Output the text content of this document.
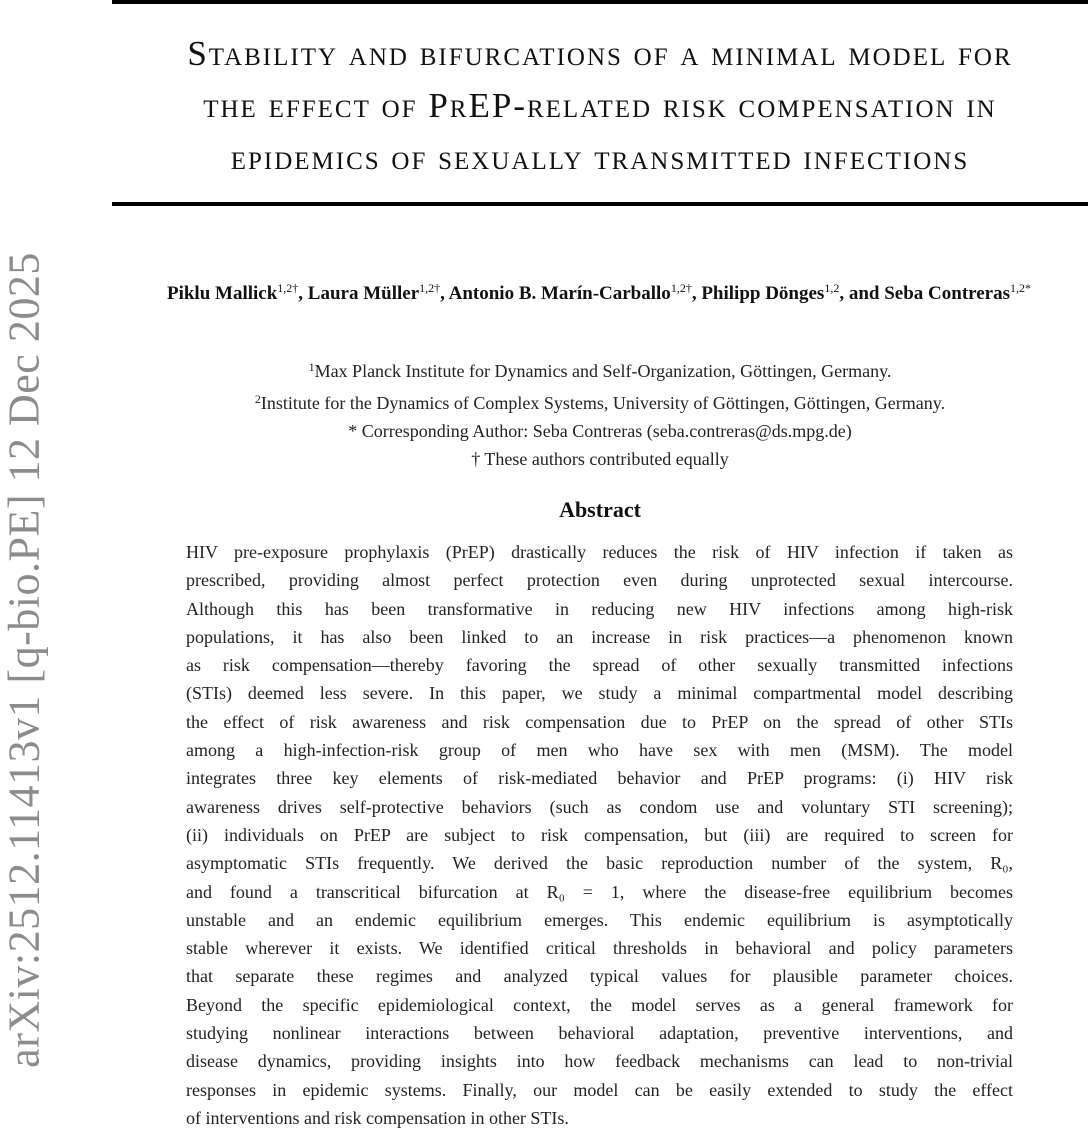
arXiv:2512.11413v1 [q-bio.PE] 12 Dec 2025
Stability and bifurcations of a minimal model for
the effect of PrEP-related risk compensation in
epidemics of sexually transmitted infections
Piklu Mallick$^{1,2\dagger}$, Laura Müller$^{1,2\dagger}$, Antonio B. Marín-Carballo$^{1,2\dagger}$, Philipp Dönges$^{1,2}$, and Seba Contreras$^{1,2*}$
$^1$Max Planck Institute for Dynamics and Self-Organization, Göttingen, Germany.
$^2$Institute for the Dynamics of Complex Systems, University of Göttingen, Göttingen, Germany.
* Corresponding Author: Seba Contreras (seba.contreras@ds.mpg.de)
† These authors contributed equally
Abstract
HIV pre-exposure prophylaxis (PrEP) drastically reduces the risk of HIV infection if taken as
prescribed, providing almost perfect protection even during unprotected sexual intercourse.
Although this has been transformative in reducing new HIV infections among high-risk
populations, it has also been linked to an increase in risk practices—a phenomenon known
as risk compensation—thereby favoring the spread of other sexually transmitted infections
(STIs) deemed less severe. In this paper, we study a minimal compartmental model describing
the effect of risk awareness and risk compensation due to PrEP on the spread of other STIs
among a high-infection-risk group of men who have sex with men (MSM). The model
integrates three key elements of risk-mediated behavior and PrEP programs: (i) HIV risk
awareness drives self-protective behaviors (such as condom use and voluntary STI screening);
(ii) individuals on PrEP are subject to risk compensation, but (iii) are required to screen for
asymptomatic STIs frequently. We derived the basic reproduction number of the system, R₀,
and found a transcritical bifurcation at R₀ = 1, where the disease-free equilibrium becomes
unstable and an endemic equilibrium emerges. This endemic equilibrium is asymptotically
stable wherever it exists. We identified critical thresholds in behavioral and policy parameters
that separate these regimes and analyzed typical values for plausible parameter choices.
Beyond the specific epidemiological context, the model serves as a general framework for
studying nonlinear interactions between behavioral adaptation, preventive interventions, and
disease dynamics, providing insights into how feedback mechanisms can lead to non-trivial
responses in epidemic systems. Finally, our model can be easily extended to study the effect
of interventions and risk compensation in other STIs.
